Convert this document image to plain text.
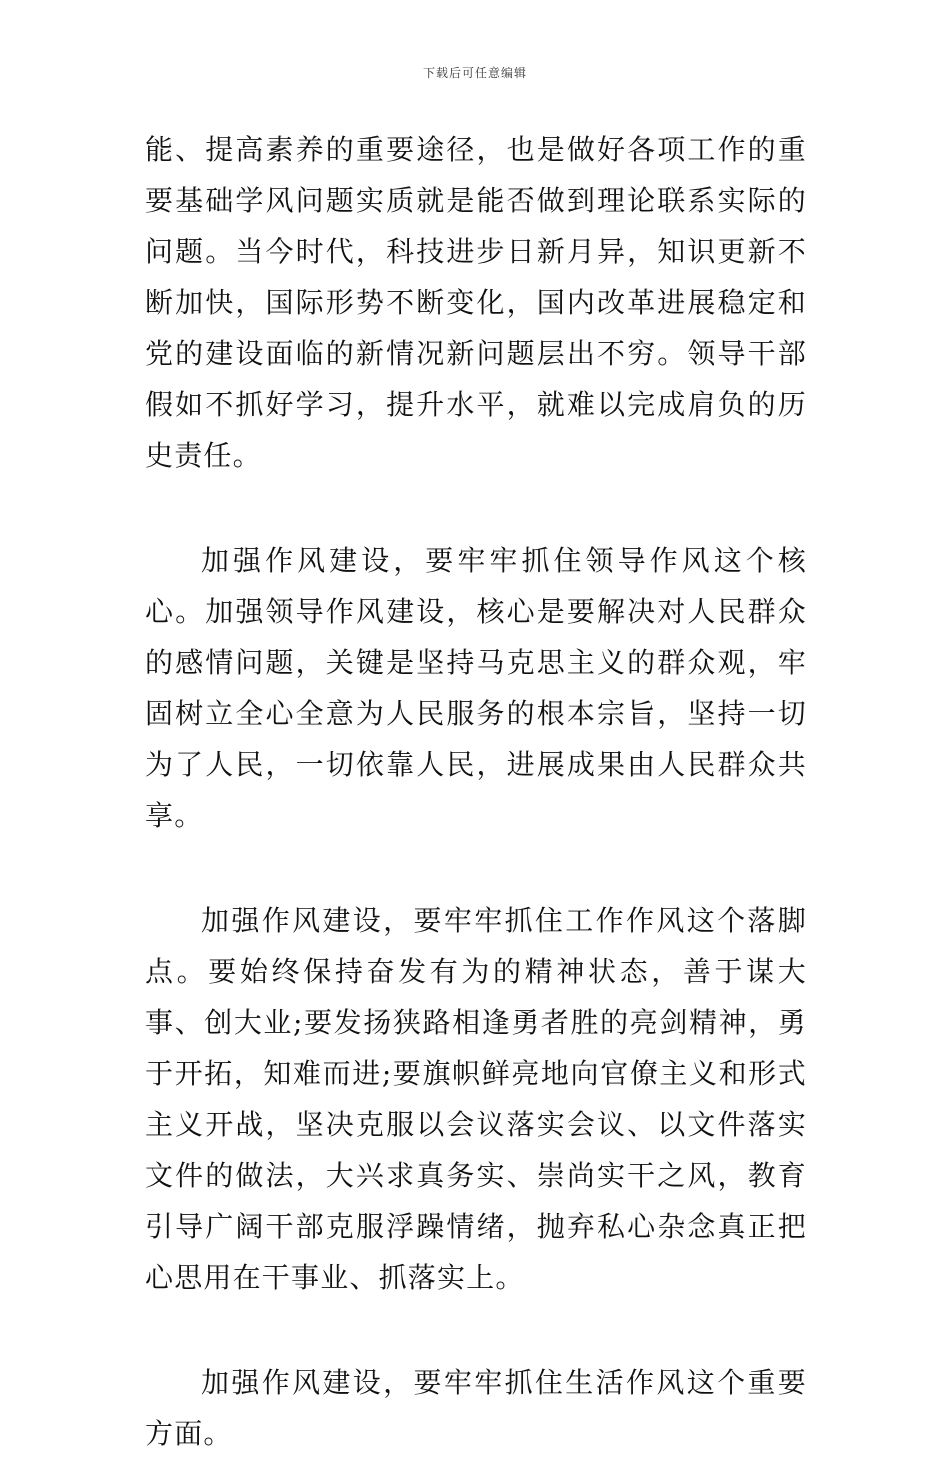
下载后可任意编辑

能、提高素养的重要途径，也是做好各项工作的重要基础学风问题实质就是能否做到理论联系实际的问题。当今时代，科技进步日新月异，知识更新不断加快，国际形势不断变化，国内改革进展稳定和党的建设面临的新情况新问题层出不穷。领导干部假如不抓好学习，提升水平，就难以完成肩负的历史责任。

加强作风建设，要牢牢抓住领导作风这个核心。加强领导作风建设，核心是要解决对人民群众的感情问题，关键是坚持马克思主义的群众观，牢固树立全心全意为人民服务的根本宗旨，坚持一切为了人民，一切依靠人民，进展成果由人民群众共享。

加强作风建设，要牢牢抓住工作作风这个落脚点。要始终保持奋发有为的精神状态，善于谋大事、创大业;要发扬狭路相逢勇者胜的亮剑精神，勇于开拓，知难而进;要旗帜鲜亮地向官僚主义和形式主义开战，坚决克服以会议落实会议、以文件落实文件的做法，大兴求真务实、崇尚实干之风，教育引导广阔干部克服浮躁情绪，抛弃私心杂念真正把心思用在干事业、抓落实上。

加强作风建设，要牢牢抓住生活作风这个重要方面。
